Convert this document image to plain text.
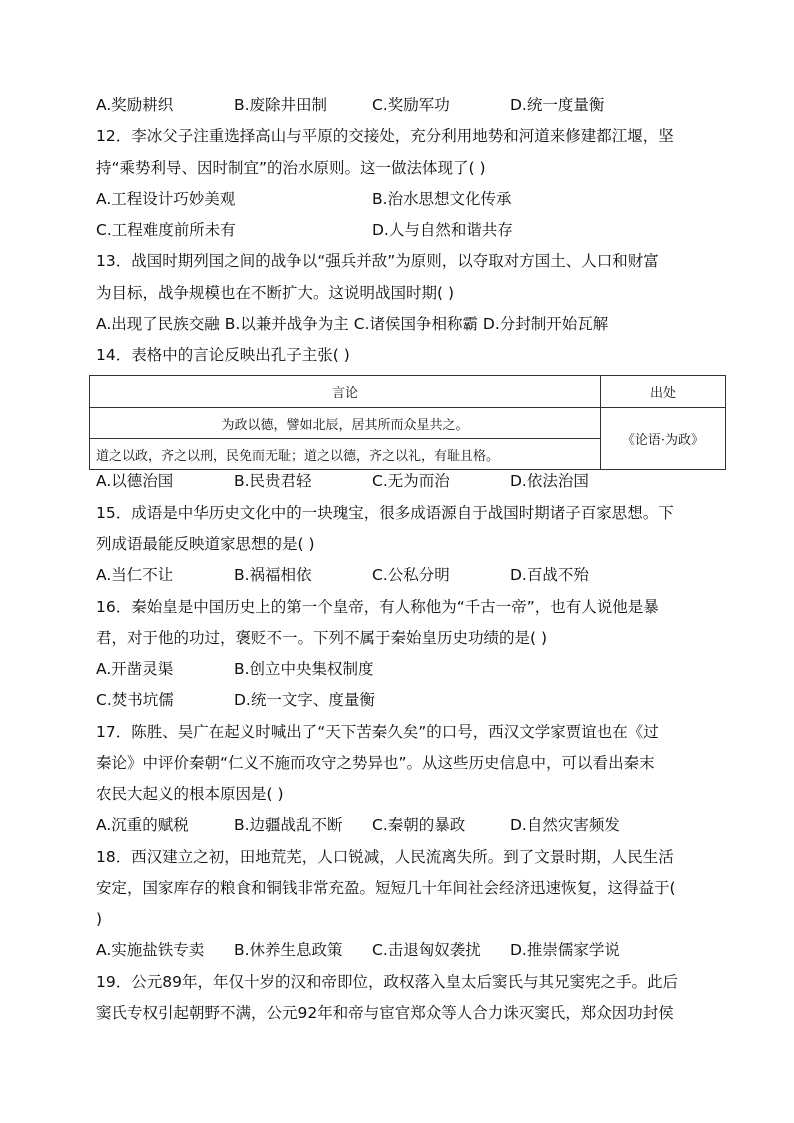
A.奖励耕织	B.废除井田制	C.奖励军功	D.统一度量衡
12．李冰父子注重选择高山与平原的交接处，充分利用地势和河道来修建都江堰，坚
持“乘势利导、因时制宜”的治水原则。这一做法体现了( )
A.工程设计巧妙美观	B.治水思想文化传承
C.工程难度前所未有	D.人与自然和谐共存
13．战国时期列国之间的战争以“强兵并敌”为原则，以夺取对方国土、人口和财富
为目标，战争规模也在不断扩大。这说明战国时期( )
A.出现了民族交融 B.以兼并战争为主 C.诸侯国争相称霸 D.分封制开始瓦解
14．表格中的言论反映出孔子主张( )
言论	出处
为政以德，譬如北辰，居其所而众星共之。	《论语·为政》
道之以政，齐之以刑，民免而无耻；道之以德，齐之以礼，有耻且格。	
A.以德治国	B.民贵君轻	C.无为而治	D.依法治国
15．成语是中华历史文化中的一块瑰宝，很多成语源自于战国时期诸子百家思想。下
列成语最能反映道家思想的是( )
A.当仁不让	B.祸福相依	C.公私分明	D.百战不殆
16．秦始皇是中国历史上的第一个皇帝，有人称他为“千古一帝”，也有人说他是暴
君，对于他的功过，褒贬不一。下列不属于秦始皇历史功绩的是( )
A.开凿灵渠	B.创立中央集权制度
C.焚书坑儒	D.统一文字、度量衡
17．陈胜、吴广在起义时喊出了“天下苦秦久矣”的口号，西汉文学家贾谊也在《过
秦论》中评价秦朝“仁义不施而攻守之势异也”。从这些历史信息中，可以看出秦末
农民大起义的根本原因是( )
A.沉重的赋税	B.边疆战乱不断	C.秦朝的暴政	D.自然灾害频发
18．西汉建立之初，田地荒芜，人口锐减，人民流离失所。到了文景时期，人民生活
安定，国家库存的粮食和铜钱非常充盈。短短几十年间社会经济迅速恢复，这得益于(
)
A.实施盐铁专卖	B.休养生息政策	C.击退匈奴袭扰	D.推崇儒家学说
19．公元89年，年仅十岁的汉和帝即位，政权落入皇太后窦氏与其兄窦宪之手。此后
窦氏专权引起朝野不满，公元92年和帝与宦官郑众等人合力诛灭窦氏，郑众因功封侯
